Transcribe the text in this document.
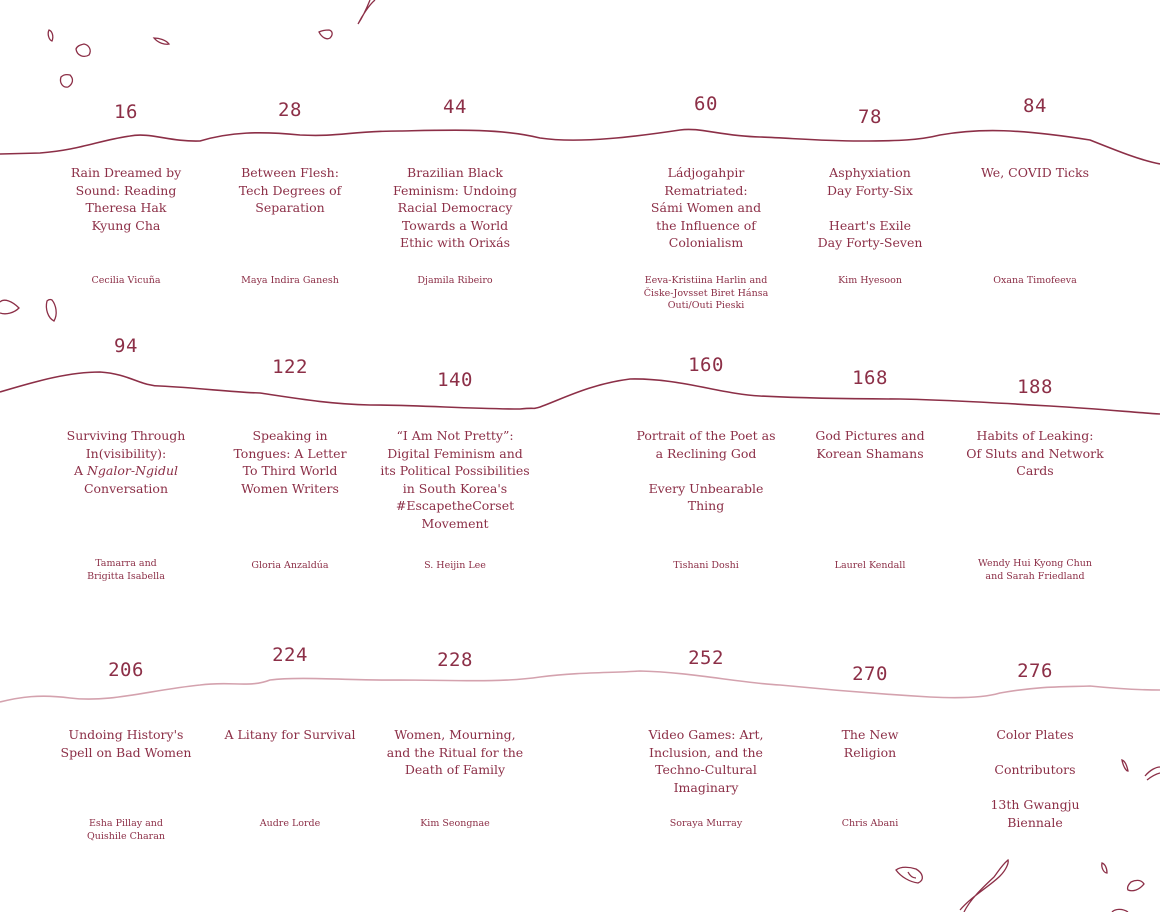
16
Rain Dreamed by
Sound: Reading
Theresa Hak
Kyung Cha
Cecilia Vicuña
28
Between Flesh:
Tech Degrees of
Separation
Maya Indira Ganesh
44
Brazilian Black
Feminism: Undoing
Racial Democracy
Towards a World
Ethic with Orixás
Djamila Ribeiro
60
Ládjogahpir
Rematriated:
Sámi Women and
the Influence of
Colonialism
Eeva-Kristiina Harlin and
Čiske-Jovsset Biret Hánsa
Outi/Outi Pieski
78
Asphyxiation
Day Forty-Six

Heart's Exile
Day Forty-Seven
Kim Hyesoon
84
We, COVID Ticks
Oxana Timofeeva
94
Surviving Through
In(visibility):
A Ngalor-Ngidul
Conversation
Tamarra and
Brigitta Isabella
122
Speaking in
Tongues: A Letter
To Third World
Women Writers
Gloria Anzaldúa
140
“I Am Not Pretty”:
Digital Feminism and
its Political Possibilities
in South Korea's
#EscapetheCorset
Movement
S. Heijin Lee
160
Portrait of the Poet as
a Reclining God

Every Unbearable
Thing
Tishani Doshi
168
God Pictures and
Korean Shamans
Laurel Kendall
188
Habits of Leaking:
Of Sluts and Network
Cards
Wendy Hui Kyong Chun
and Sarah Friedland
206
Undoing History's
Spell on Bad Women
Esha Pillay and
Quishile Charan
224
A Litany for Survival
Audre Lorde
228
Women, Mourning,
and the Ritual for the
Death of Family
Kim Seongnae
252
Video Games: Art,
Inclusion, and the
Techno-Cultural
Imaginary
Soraya Murray
270
The New
Religion
Chris Abani
276
Color Plates

Contributors

13th Gwangju
Biennale
